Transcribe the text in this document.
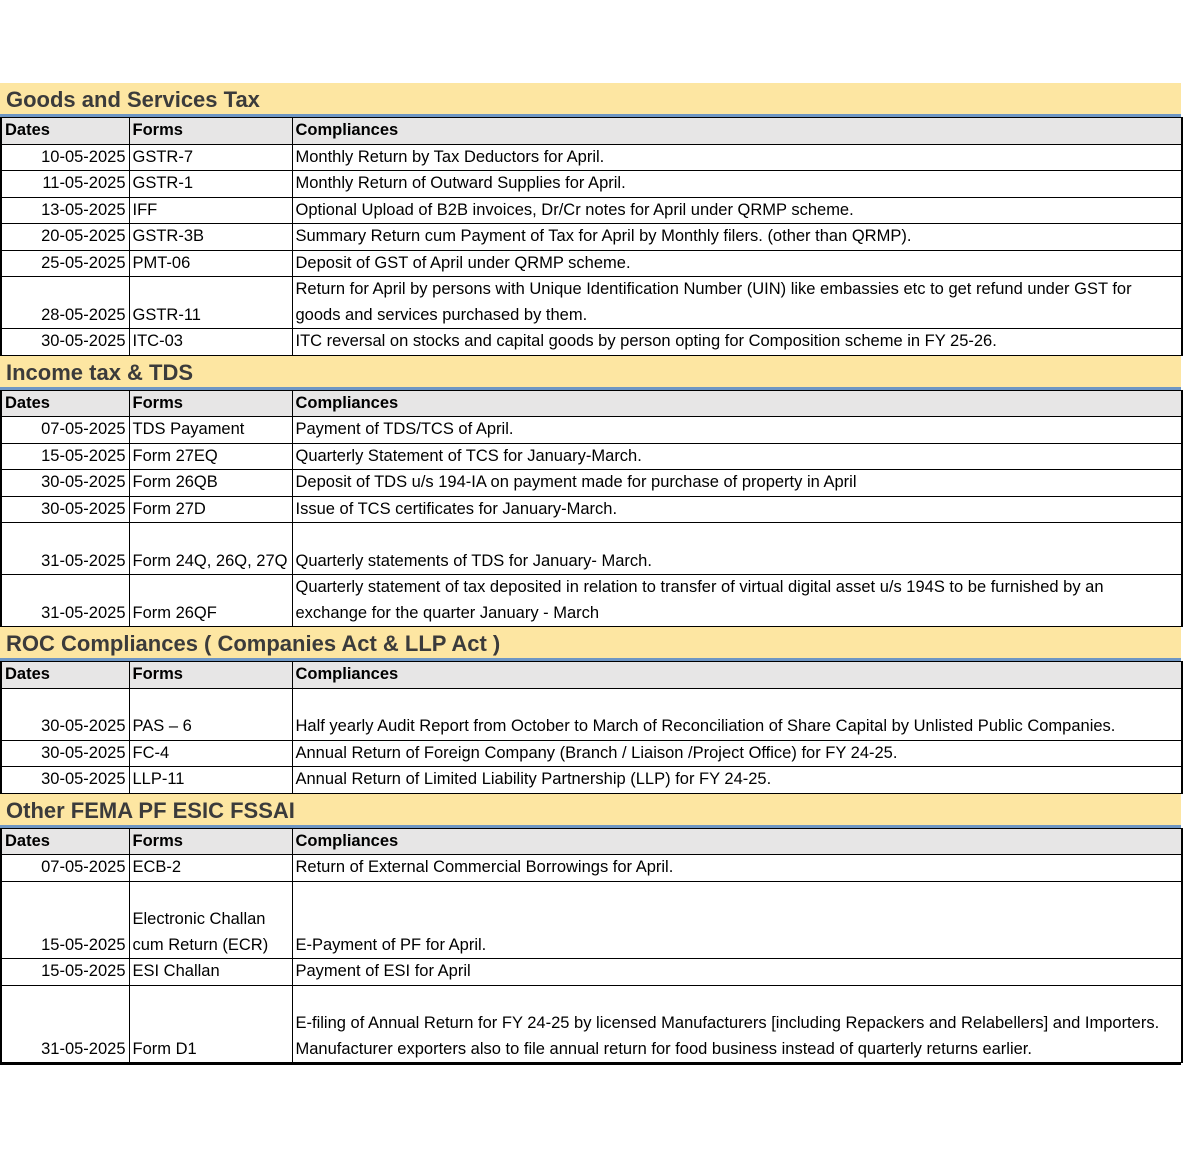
Goods and Services Tax
Dates	Forms	Compliances
10-05-2025	GSTR-7	Monthly Return by Tax Deductors for April.
11-05-2025	GSTR-1	Monthly Return of Outward Supplies for April.
13-05-2025	IFF	Optional Upload of B2B invoices, Dr/Cr notes for April under QRMP scheme.
20-05-2025	GSTR-3B	Summary Return cum Payment of Tax for April by Monthly filers. (other than QRMP).
25-05-2025	PMT-06	Deposit of GST of April under QRMP scheme.
28-05-2025	GSTR-11	Return for April by persons with Unique Identification Number (UIN) like embassies etc to get refund under GST for goods and services purchased by them.
30-05-2025	ITC-03	ITC reversal on stocks and capital goods by person opting for Composition scheme in FY 25-26.
Income tax & TDS
Dates	Forms	Compliances
07-05-2025	TDS Payament	Payment of TDS/TCS of April.
15-05-2025	Form 27EQ	Quarterly Statement of TCS for January-March.
30-05-2025	Form 26QB	Deposit of TDS u/s 194-IA on payment made for purchase of property in April
30-05-2025	Form 27D	Issue of TCS certificates for January-March.
31-05-2025	Form 24Q, 26Q, 27Q	Quarterly statements of TDS for January- March.
31-05-2025	Form 26QF	Quarterly statement of tax deposited in relation to transfer of virtual digital asset u/s 194S to be furnished by an exchange for the quarter January - March
ROC Compliances ( Companies Act & LLP Act )
Dates	Forms	Compliances
30-05-2025	PAS – 6	Half yearly Audit Report from October to March of Reconciliation of Share Capital by Unlisted Public Companies.
30-05-2025	FC-4	Annual Return of Foreign Company (Branch / Liaison /Project Office) for FY 24-25.
30-05-2025	LLP-11	Annual Return of Limited Liability Partnership (LLP) for FY 24-25.
Other FEMA PF ESIC FSSAI
Dates	Forms	Compliances
07-05-2025	ECB-2	Return of External Commercial Borrowings for April.
15-05-2025	Electronic Challan cum Return (ECR)	E-Payment of PF for April.
15-05-2025	ESI Challan	Payment of ESI for April
31-05-2025	Form D1	E-filing of Annual Return for FY 24-25 by licensed Manufacturers [including Repackers and Relabellers] and Importers. Manufacturer exporters also to file annual return for food business instead of quarterly returns earlier.
